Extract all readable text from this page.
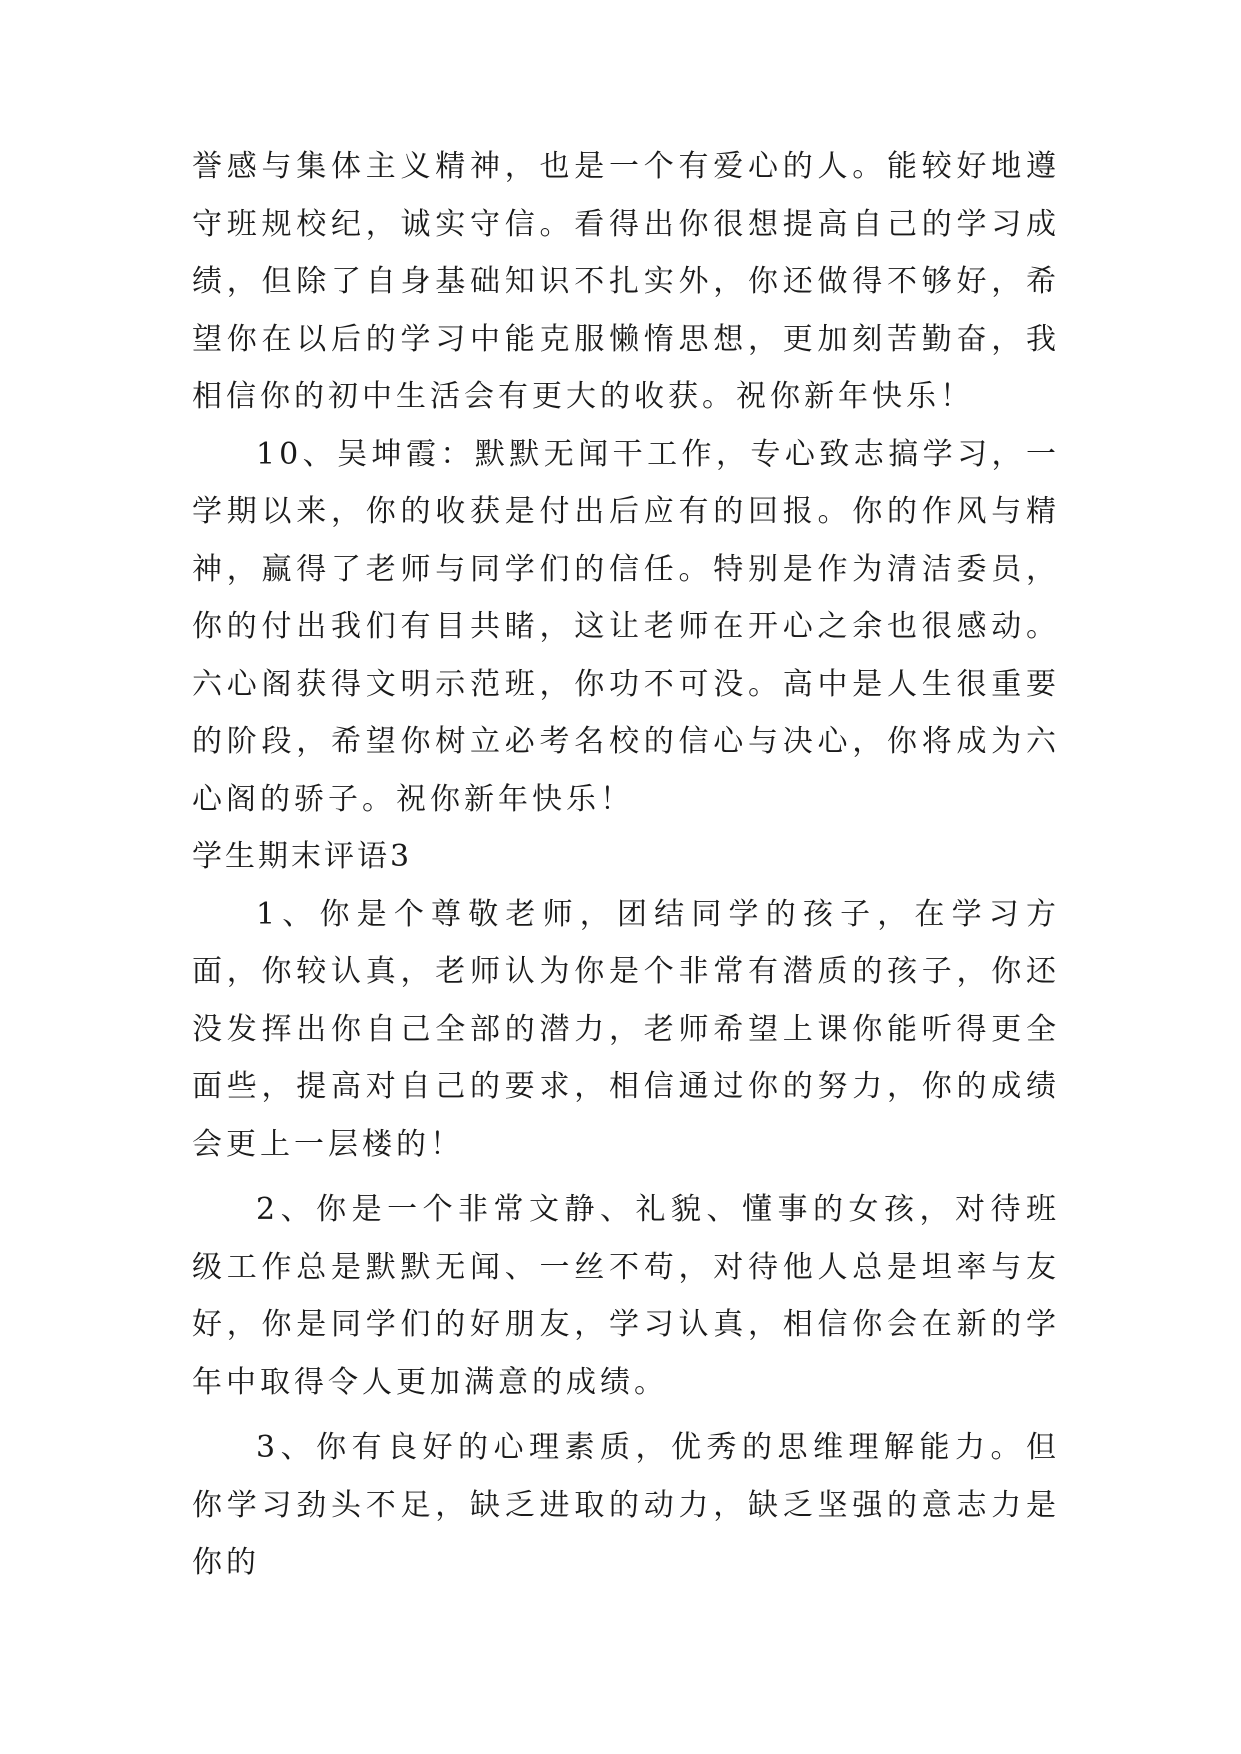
誉感与集体主义精神，也是一个有爱心的人。能较好地遵守班规校纪，诚实守信。看得出你很想提高自己的学习成绩，但除了自身基础知识不扎实外，你还做得不够好，希望你在以后的学习中能克服懒惰思想，更加刻苦勤奋，我相信你的初中生活会有更大的收获。祝你新年快乐！

10、吴坤霞：默默无闻干工作，专心致志搞学习，一学期以来，你的收获是付出后应有的回报。你的作风与精神，赢得了老师与同学们的信任。特别是作为清洁委员，你的付出我们有目共睹，这让老师在开心之余也很感动。六心阁获得文明示范班，你功不可没。高中是人生很重要的阶段，希望你树立必考名校的信心与决心，你将成为六心阁的骄子。祝你新年快乐！

学生期末评语3

1、你是个尊敬老师，团结同学的孩子，在学习方面，你较认真，老师认为你是个非常有潜质的孩子，你还没发挥出你自己全部的潜力，老师希望上课你能听得更全面些，提高对自己的要求，相信通过你的努力，你的成绩会更上一层楼的！

2、你是一个非常文静、礼貌、懂事的女孩，对待班级工作总是默默无闻、一丝不苟，对待他人总是坦率与友好，你是同学们的好朋友，学习认真，相信你会在新的学年中取得令人更加满意的成绩。

3、你有良好的心理素质，优秀的思维理解能力。但你学习劲头不足，缺乏进取的动力，缺乏坚强的意志力是你的
